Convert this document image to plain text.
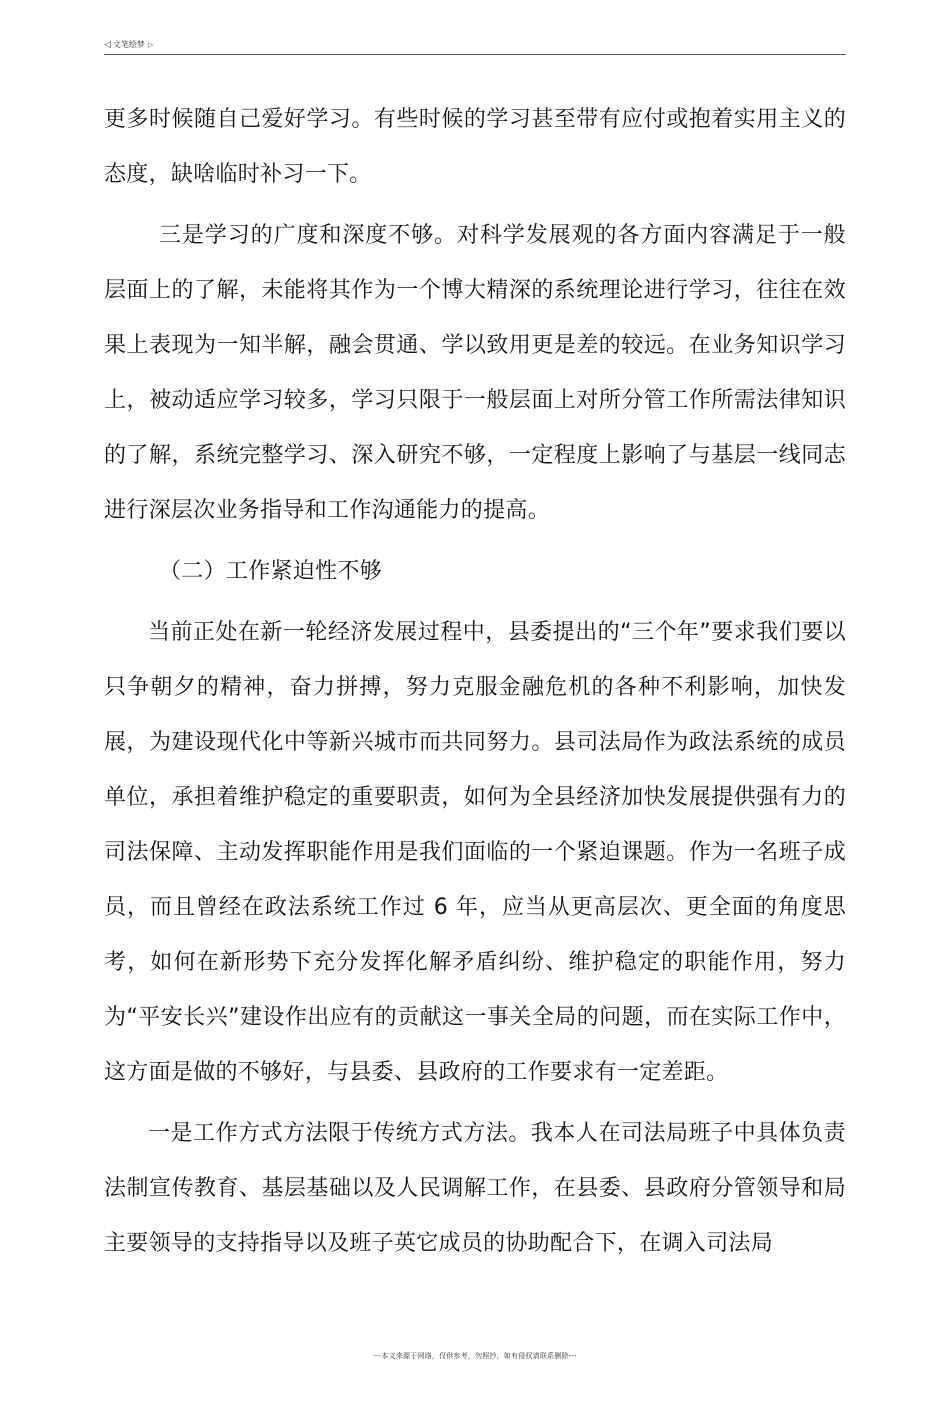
◁ 文笔绘梦 ▷

更多时候随自己爱好学习。有些时候的学习甚至带有应付或抱着实用主义的态度，缺啥临时补习一下。

三是学习的广度和深度不够。对科学发展观的各方面内容满足于一般层面上的了解，未能将其作为一个博大精深的系统理论进行学习，往往在效果上表现为一知半解，融会贯通、学以致用更是差的较远。在业务知识学习上，被动适应学习较多，学习只限于一般层面上对所分管工作所需法律知识的了解，系统完整学习、深入研究不够，一定程度上影响了与基层一线同志进行深层次业务指导和工作沟通能力的提高。

（二）工作紧迫性不够

当前正处在新一轮经济发展过程中，县委提出的“三个年”要求我们要以只争朝夕的精神，奋力拼搏，努力克服金融危机的各种不利影响，加快发展，为建设现代化中等新兴城市而共同努力。县司法局作为政法系统的成员单位，承担着维护稳定的重要职责，如何为全县经济加快发展提供强有力的司法保障、主动发挥职能作用是我们面临的一个紧迫课题。作为一名班子成员，而且曾经在政法系统工作过 6 年，应当从更高层次、更全面的角度思考，如何在新形势下充分发挥化解矛盾纠纷、维护稳定的职能作用，努力为“平安长兴”建设作出应有的贡献这一事关全局的问题，而在实际工作中，这方面是做的不够好，与县委、县政府的工作要求有一定差距。

一是工作方式方法限于传统方式方法。我本人在司法局班子中具体负责法制宣传教育、基层基础以及人民调解工作，在县委、县政府分管领导和局主要领导的支持指导以及班子英它成员的协助配合下，在调入司法局

---本文来源于网络，仅供参考，勿照抄，如有侵权请联系删除---
